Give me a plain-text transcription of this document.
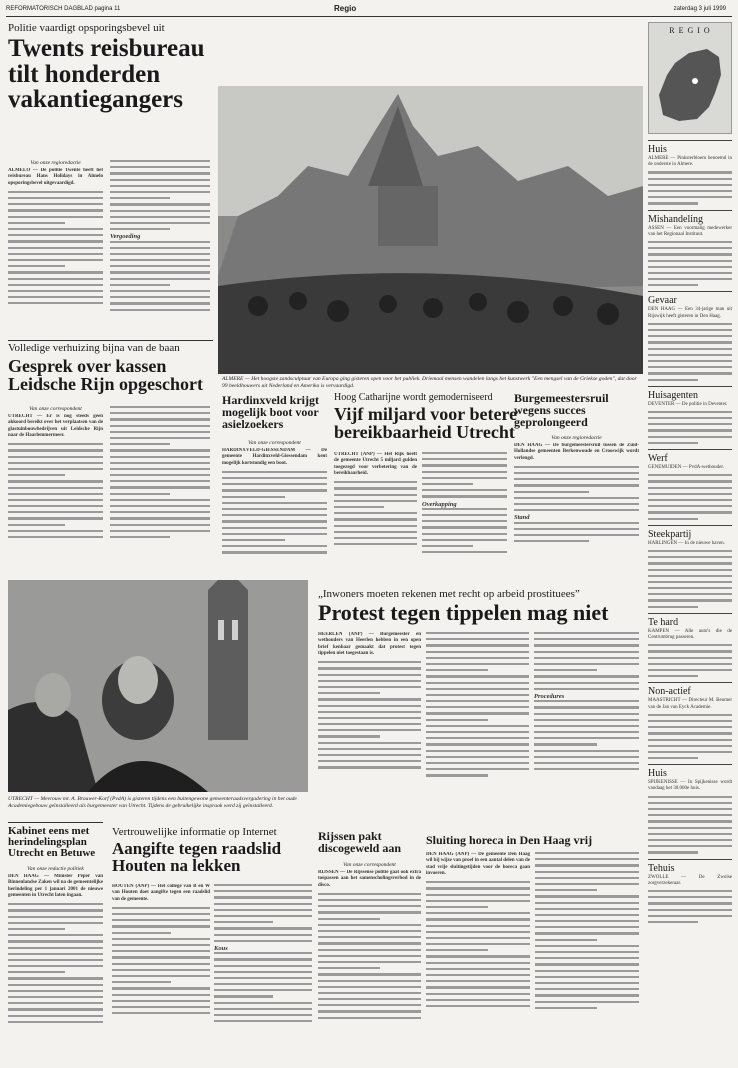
REFORMATORISCH DAGBLAD pagina 11	Regio	zaterdag 3 juli 1999
Politie vaardigt opsporingsbevel uit
Twents reisbureau tilt honderden vakantiegangers
Van onze regioredactie
ALMELO — De politie Twente heeft het reisbureau Hans Holidays in Almelo opsporingsbevel uitgevaardigd.
Vergoeding
Volledige verhuizing bijna van de baan
Gesprek over kassen Leidsche Rijn opgeschort
Van onze correspondent
UTRECHT — Er is nog steeds geen akkoord bereikt over het verplaatsen van de glastuinbouwbedrijven uit Leidsche Rijn naar de Haarlemmermeer.
Hardinxveld krijgt mogelijk boot voor asielzoekers
Van onze correspondent
HARDINXVELD-GIESSENDAM — De gemeente Hardinxveld-Giessendam kent mogelijk kortstondig een boot.
ALMERE — Het hoogste zandsculptuur van Europa ging gisteren open voor het publiek. Driemaal mensen wandelen langs het kunstwerk "Een mengsel van de Griekse goden", dat door 99 beeldhouwers uit Nederland en Amerika is vervaardigd.
Hoog Catharijne wordt gemoderniseerd
Vijf miljard voor betere bereikbaarheid Utrecht
UTRECHT (ANP) — Het Rijk heeft de gemeente Utrecht 5 miljard gulden toegezegd voor verbetering van de bereikbaarheid.
Overkapping
Burgemeestersruil wegens succes geprolongeerd
Van onze regioredactie
DEN HAAG — De burgemeestersruil tussen de Zuid-Hollandse gemeenten Berkenwoude en Crooswijk wordt verlengd.
Stand
UTRECHT — Mevrouw mr. A. Brouwer-Korf (PvdA) is gisteren tijdens een buitengewone gemeenteraadsvergadering in het oude Academiegebouw geïnstalleerd als burgemeester van Utrecht. Tijdens de gebruikelijke inspraak werd zij geïnstalleerd.
„Inwoners moeten rekenen met recht op arbeid prostituees”
Protest tegen tippelen mag niet
HEERLEN (ANP) — Burgemeester en wethouders van Heerlen hebben in een open brief kenbaar gemaakt dat protest tegen tippelen niet toegestaan is.
Procedures
Kabinet eens met herindelingsplan Utrecht en Betuwe
Van onze redactie politiek
DEN HAAG — Minister Peper van Binnenlandse Zaken wil na de gemeentelijke herindeling per 1 januari 2001 de nieuwe gemeenten in Utrecht laten ingaan.
Vertrouwelijke informatie op Internet
Aangifte tegen raadslid Houten na lekken
HOUTEN (ANP) — Het college van B en W van Houten doet aangifte tegen een raadslid van de gemeente.
Kous
Rijssen pakt discogeweld aan
Van onze correspondent
RIJSSEN — De Rijssense politie gaat ook extra toepassen aan het samenscholingsverbod in de disco.
Sluiting horeca in Den Haag vrij
DEN HAAG (ANP) — De gemeente Den Haag wil bij wijze van proef in een aantal delen van de stad vrije sluitingstijden voor de horeca gaan invoeren.
R E G I O
Huis
ALMERE — Pinksterbloem benoemd in de onderste in Almere.
Mishandeling
ASSEN — Een voormalig medewerker van het Regionaal Instituut.
Gevaar
DEN HAAG — Een 34-jarige man uit Rijswijk heeft gisteren in Den Haag.
Huisagenten
DEVENTER — De politie in Deventer.
Werf
GENEMUIDEN — PvdA-wethouder.
Steekpartij
HARLINGEN — In de nieuwe haven.
Te hard
KAMPEN — Alle auto's die de Centrumbrug passeren.
Non-actief
MAASTRICHT — Directeur M. Beumer van de Jan van Eyck Academie.
Huis
SPIJKENISSE — In Spijkenisse wordt vandaag het 30.000e huis.
Tehuis
ZWOLLE — De Zwolse zorgverzekeraar.
